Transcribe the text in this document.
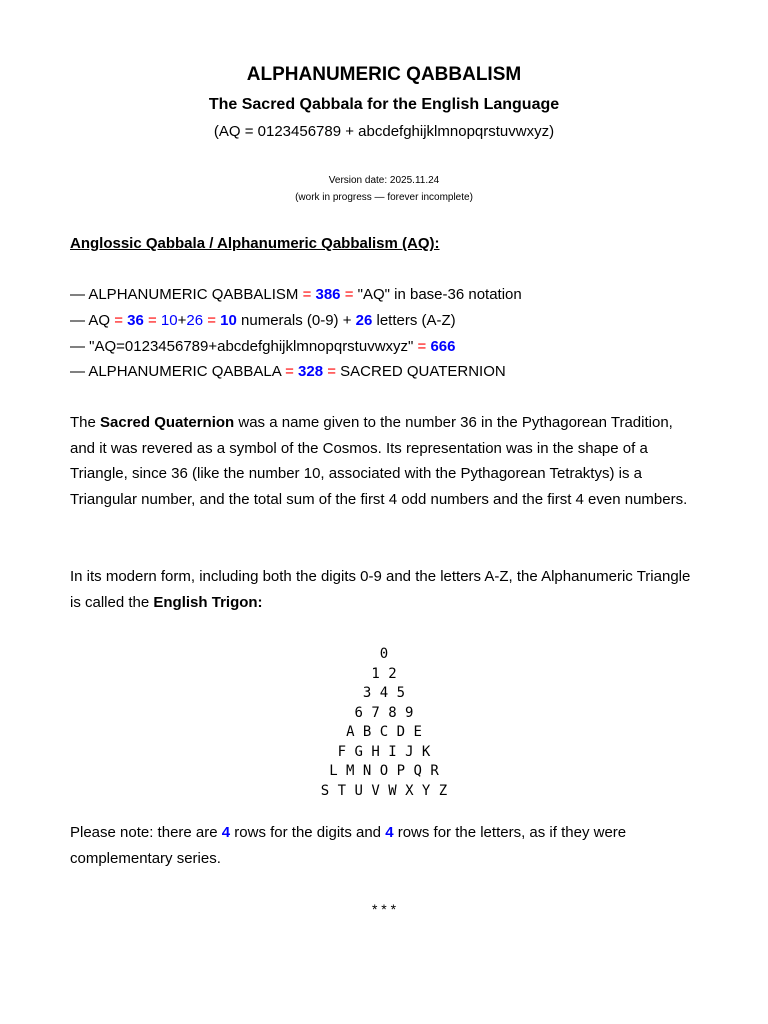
ALPHANUMERIC QABBALISM
The Sacred Qabbala for the English Language
(AQ = 0123456789 + abcdefghijklmnopqrstuvwxyz)
Version date: 2025.11.24
(work in progress — forever incomplete)
Anglossic Qabbala / Alphanumeric Qabbalism (AQ):
— ALPHANUMERIC QABBALISM = 386 = "AQ" in base-36 notation
— AQ = 36 = 10+26 = 10 numerals (0-9) + 26 letters (A-Z)
— "AQ=0123456789+abcdefghijklmnopqrstuvwxyz" = 666
— ALPHANUMERIC QABBALA = 328 = SACRED QUATERNION
The Sacred Quaternion was a name given to the number 36 in the Pythagorean Tradition, and it was revered as a symbol of the Cosmos. Its representation was in the shape of a Triangle, since 36 (like the number 10, associated with the Pythagorean Tetraktys) is a Triangular number, and the total sum of the first 4 odd numbers and the first 4 even numbers.
In its modern form, including both the digits 0-9 and the letters A-Z, the Alphanumeric Triangle is called the English Trigon:
0
1 2
3 4 5
6 7 8 9
A B C D E
F G H I J K
L M N O P Q R
S T U V W X Y Z
Please note: there are 4 rows for the digits and 4 rows for the letters, as if they were complementary series.
* * *
